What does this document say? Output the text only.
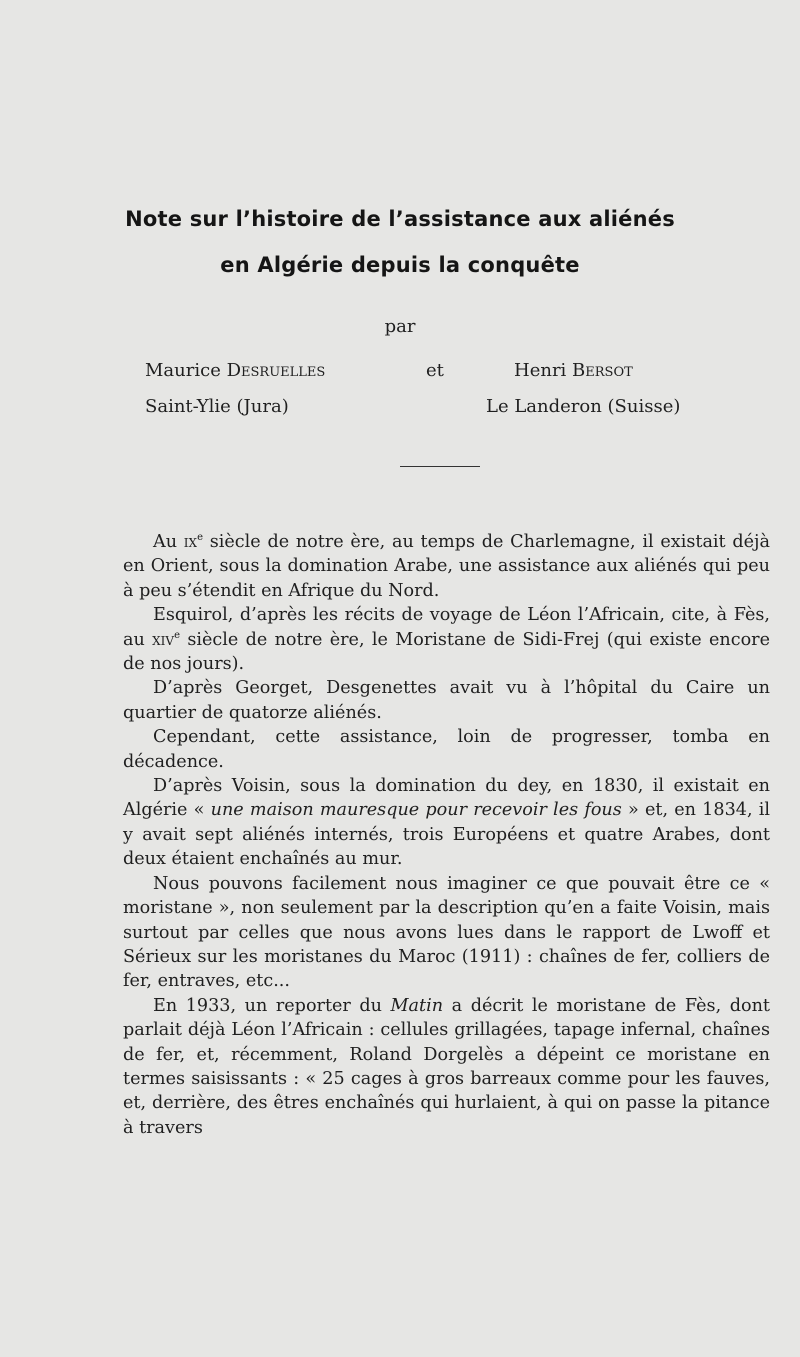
Note sur l’histoire de l’assistance aux aliénés
en Algérie depuis la conquête
par
Maurice Desruelles	et	Henri Bersot
Saint-Ylie (Jura)	Le Landeron (Suisse)

Au $ix^e$ siècle de notre ère, au temps de Charlemagne, il existait déjà en Orient, sous la domination Arabe, une assistance aux aliénés qui peu à peu s’étendit en Afrique du Nord.

Esquirol, d’après les récits de voyage de Léon l’Africain, cite, à Fès, au xiv$^e$ siècle de notre ère, le Moristane de Sidi-Frej (qui existe encore de nos jours).

D’après Georget, Desgenettes avait vu à l’hôpital du Caire un quartier de quatorze aliénés.

Cependant, cette assistance, loin de progresser, tomba en décadence.

D’après Voisin, sous la domination du dey, en 1830, il existait en Algérie « une maison mauresque pour recevoir les fous » et, en 1834, il y avait sept aliénés internés, trois Européens et quatre Arabes, dont deux étaient enchaînés au mur.

Nous pouvons facilement nous imaginer ce que pouvait être ce « moristane », non seulement par la description qu’en a faite Voisin, mais surtout par celles que nous avons lues dans le rapport de Lwoff et Sérieux sur les moristanes du Maroc (1911) : chaînes de fer, colliers de fer, entraves, etc...

En 1933, un reporter du Matin a décrit le moristane de Fès, dont parlait déjà Léon l’Africain : cellules grillagées, tapage infernal, chaînes de fer, et, récemment, Roland Dorgelès a dépeint ce moristane en termes saisissants : « 25 cages à gros barreaux comme pour les fauves, et, derrière, des êtres enchaînés qui hurlaient, à qui on passe la pitance à travers
